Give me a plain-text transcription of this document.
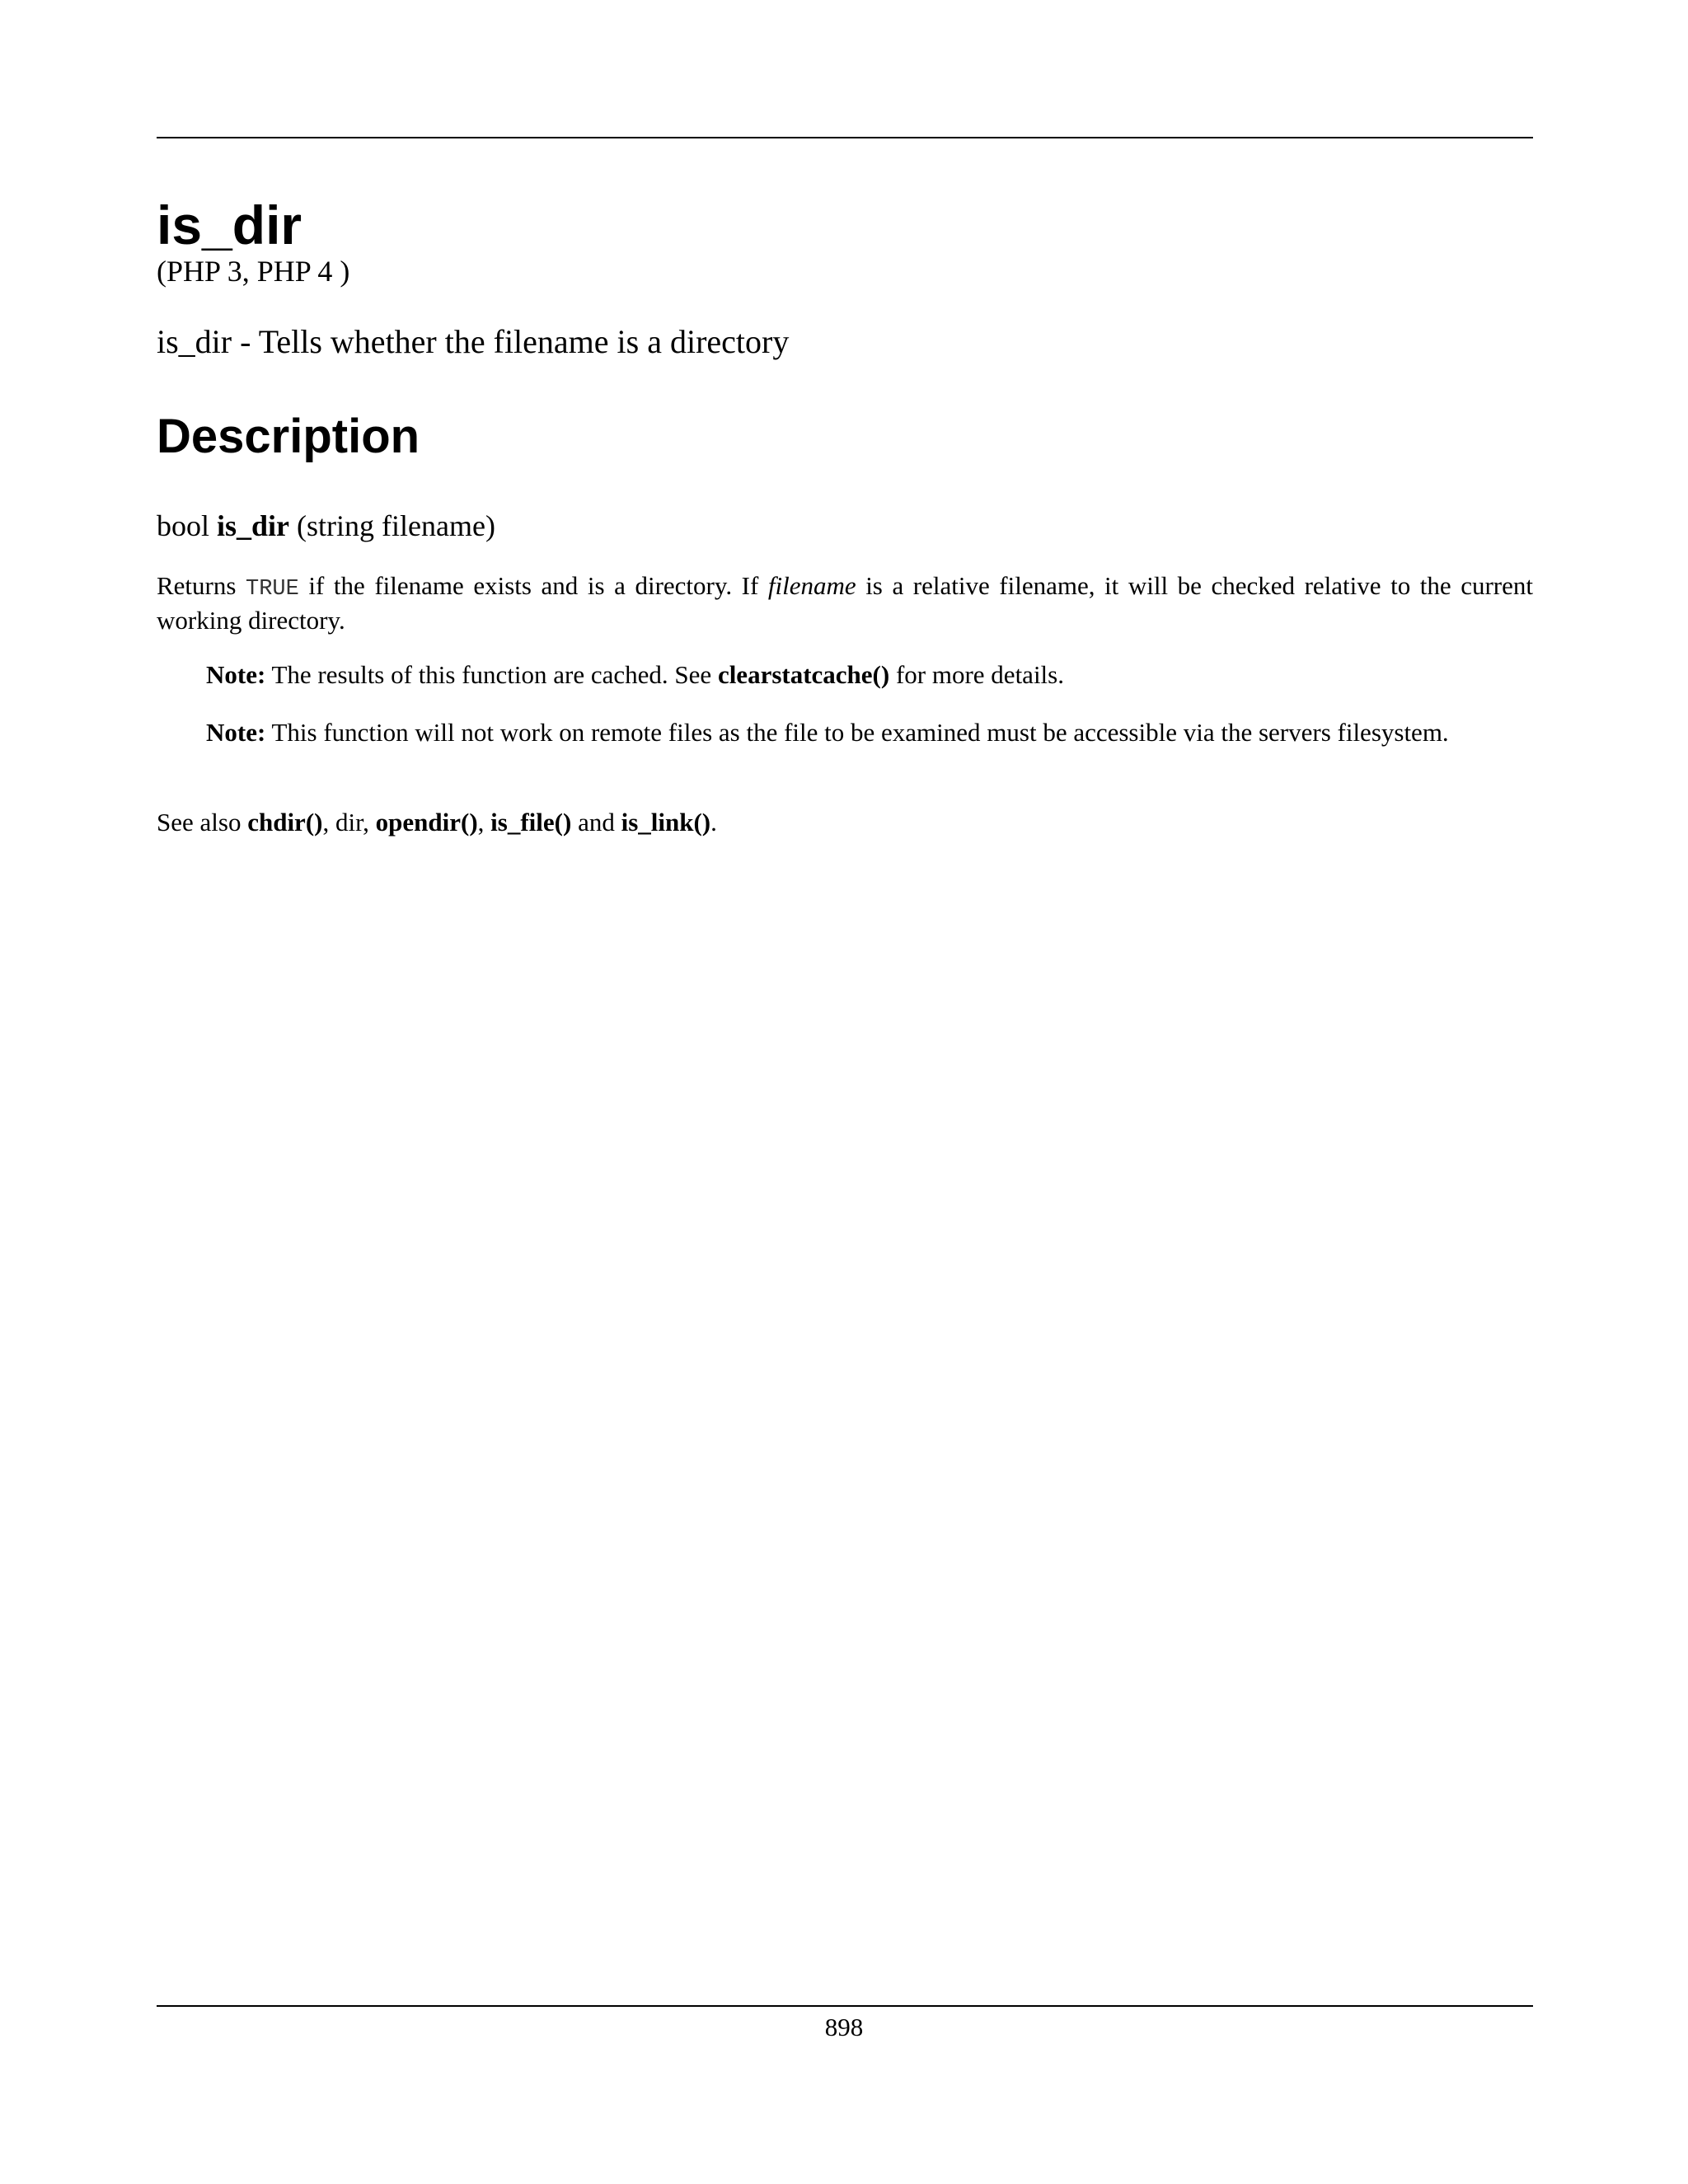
is_dir
(PHP 3, PHP 4 )
is_dir - Tells whether the filename is a directory
Description
bool is_dir (string filename)
Returns TRUE if the filename exists and is a directory. If filename is a relative filename, it will be checked relative to the current working directory.
Note: The results of this function are cached. See clearstatcache() for more details.
Note: This function will not work on remote files as the file to be examined must be accessible via the servers filesystem.
See also chdir(), dir, opendir(), is_file() and is_link().
898
